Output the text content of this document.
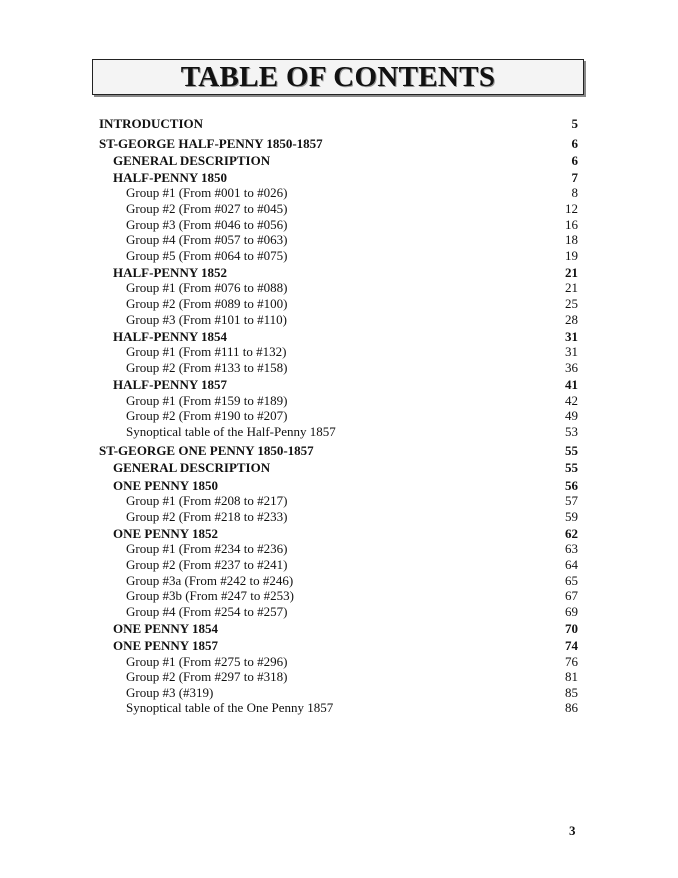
TABLE OF CONTENTS
INTRODUCTION	5
ST-GEORGE HALF-PENNY 1850-1857	6
GENERAL DESCRIPTION	6
HALF-PENNY 1850	7
Group #1 (From #001 to #026)	8
Group #2 (From #027 to #045)	12
Group #3 (From #046 to #056)	16
Group #4 (From #057 to #063)	18
Group #5 (From #064 to #075)	19
HALF-PENNY 1852	21
Group #1 (From #076 to #088)	21
Group #2 (From #089 to #100)	25
Group #3 (From #101 to #110)	28
HALF-PENNY 1854	31
Group #1 (From #111 to #132)	31
Group #2 (From #133 to #158)	36
HALF-PENNY 1857	41
Group #1 (From #159 to #189)	42
Group #2 (From #190 to #207)	49
Synoptical table of the Half-Penny 1857	53
ST-GEORGE ONE PENNY 1850-1857	55
GENERAL DESCRIPTION	55
ONE PENNY 1850	56
Group #1 (From #208 to #217)	57
Group #2 (From #218 to #233)	59
ONE PENNY 1852	62
Group #1 (From #234 to #236)	63
Group #2 (From #237 to #241)	64
Group #3a (From #242 to #246)	65
Group #3b (From #247 to #253)	67
Group #4 (From #254 to #257)	69
ONE PENNY 1854	70
ONE PENNY 1857	74
Group #1 (From #275 to #296)	76
Group #2 (From #297 to #318)	81
Group #3 (#319)	85
Synoptical table of the One Penny 1857	86
3
